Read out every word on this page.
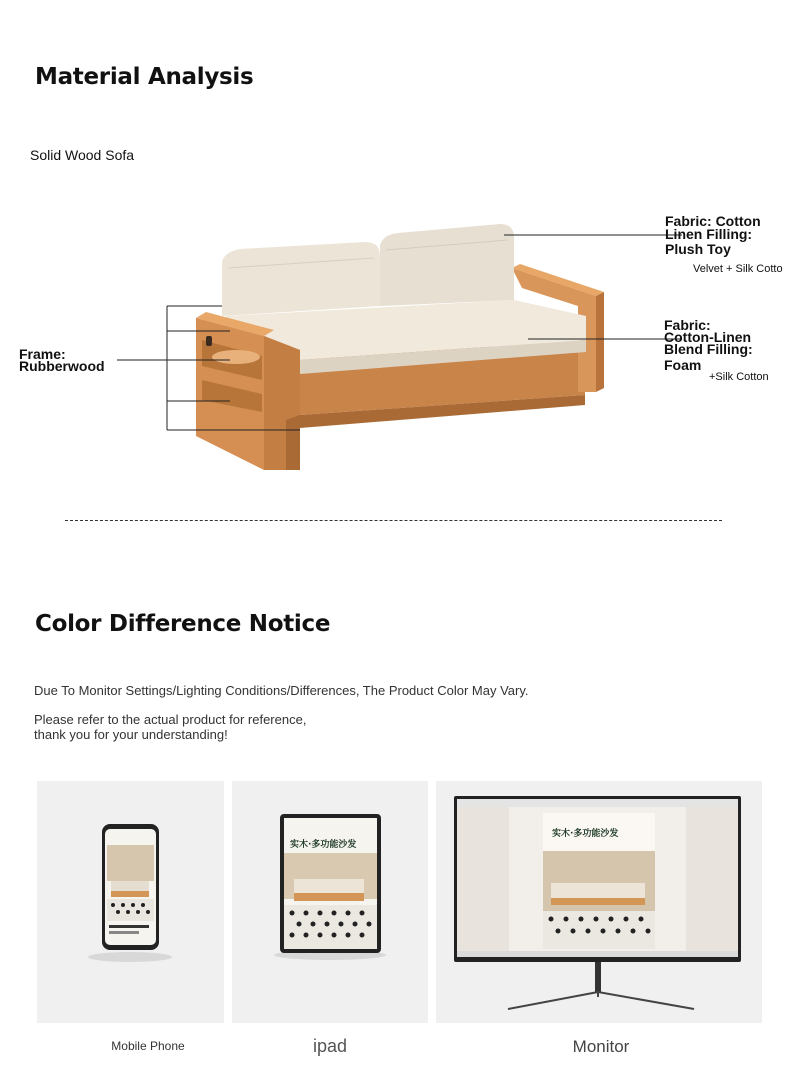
Material Analysis
Solid Wood Sofa
Fabric: Cotton
Linen Filling:
Plush Toy
Velvet + Silk Cotto
Fabric:
Cotton-Linen
Blend Filling:
Foam
+Silk Cotton
Frame:
Rubberwood
Color Difference Notice
Due To Monitor Settings/Lighting Conditions/Differences, The Product Color May Vary.
Please refer to the actual product for reference,
thank you for your understanding!
实木·多功能沙发
实木·多功能沙发
Mobile Phone	ipad	Monitor
